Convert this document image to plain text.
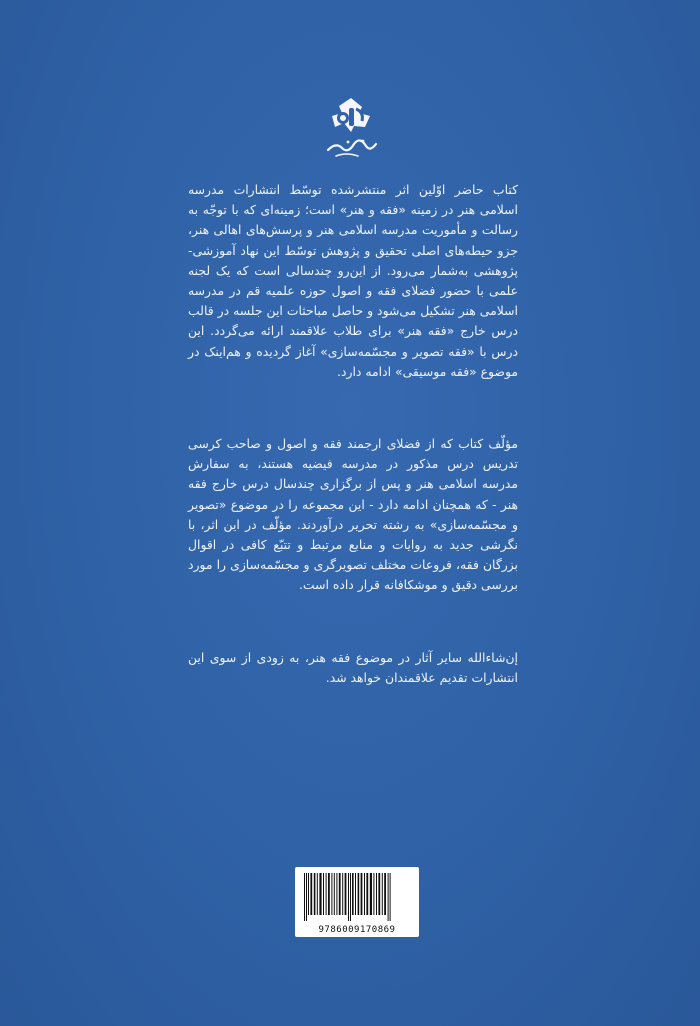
کتاب حاضر اوّلین اثر منتشرشده توسّط انتشارات مدرسه اسلامی هنر در زمینه «فقه و هنر» است؛ زمینه‌ای که با توجّه به رسالت و مأموریت مدرسه اسلامی هنر و پرسش‌های اهالی هنر، جزو حیطه‌های اصلی تحقیق و پژوهش توسّط این نهاد آموزشی-پژوهشی به‌شمار می‌رود. از این‌رو چندسالی است که یک لجنه علمی با حضور فضلای فقه و اصول حوزه علمیه قم در مدرسه اسلامی هنر تشکیل می‌شود و حاصل مباحثات این جلسه در قالب درس خارج «فقه هنر» برای طلاب علاقمند ارائه می‌گردد. این درس با «فقه تصویر و مجسّمه‌سازی» آغاز گردیده و هم‌اینک در موضوع «فقه موسیقی» ادامه دارد.

مؤلّف کتاب که از فضلای ارجمند فقه و اصول و صاحب کرسی تدریس درس مذکور در مدرسه فیضیه هستند، به سفارش مدرسه اسلامی هنر و پس از برگزاری چندسال درس خارج فقه هنر - که همچنان ادامه دارد - این مجموعه را در موضوع «تصویر و مجسّمه‌سازی» به رشته تحریر درآوردند. مؤلّف در این اثر، با نگرشی جدید به روایات و منابع مرتبط و تتبّع کافی در اقوال بزرگان فقه، فروعات مختلف تصویرگری و مجسّمه‌سازی را مورد بررسی دقیق و موشکافانه قرار داده است.

إن‌شاءالله سایر آثار در موضوع فقه هنر، به زودی از سوی این انتشارات تقدیم علاقمندان خواهد شد.

9786009170869
